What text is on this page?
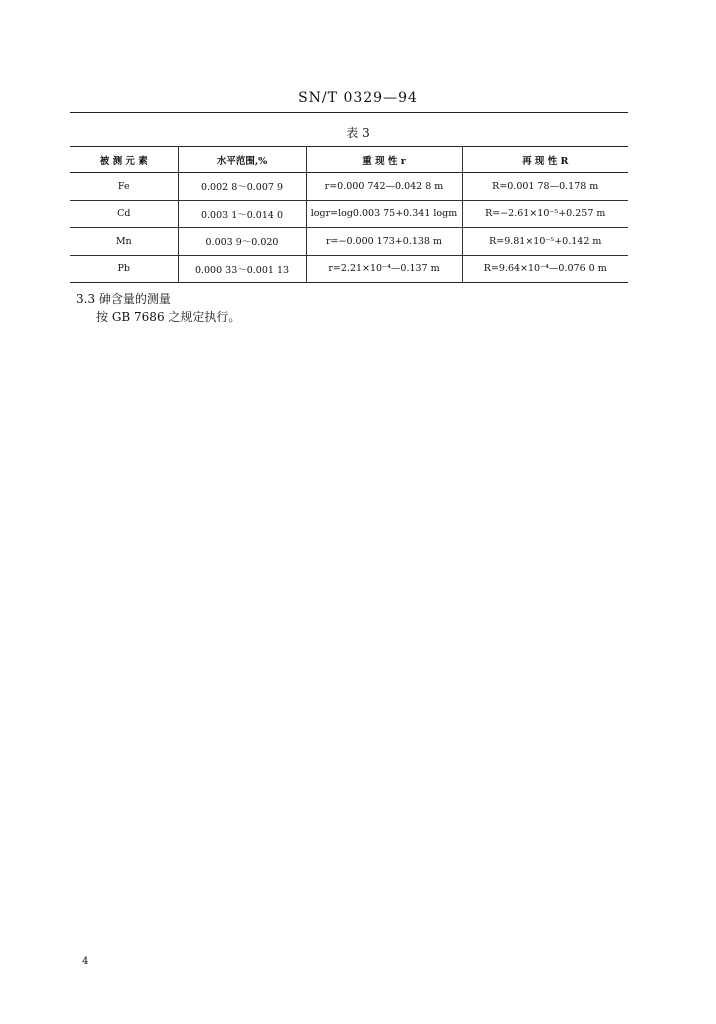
SN/T 0329—94
表 3
被 测 元 素	水平范围,%	重 现 性 r	再 现 性 R
Fe	0.002 8～0.007 9	r=0.000 742—0.042 8 m	R=0.001 78—0.178 m
Cd	0.003 1～0.014 0	logr=log0.003 75+0.341 logm	R=−2.61×10⁻⁵+0.257 m
Mn	0.003 9～0.020	r=−0.000 173+0.138 m	R=9.81×10⁻⁵+0.142 m
Pb	0.000 33～0.001 13	r=2.21×10⁻⁴—0.137 m	R=9.64×10⁻⁴—0.076 0 m
3.3 砷含量的测量
按 GB 7686 之规定执行。
4
